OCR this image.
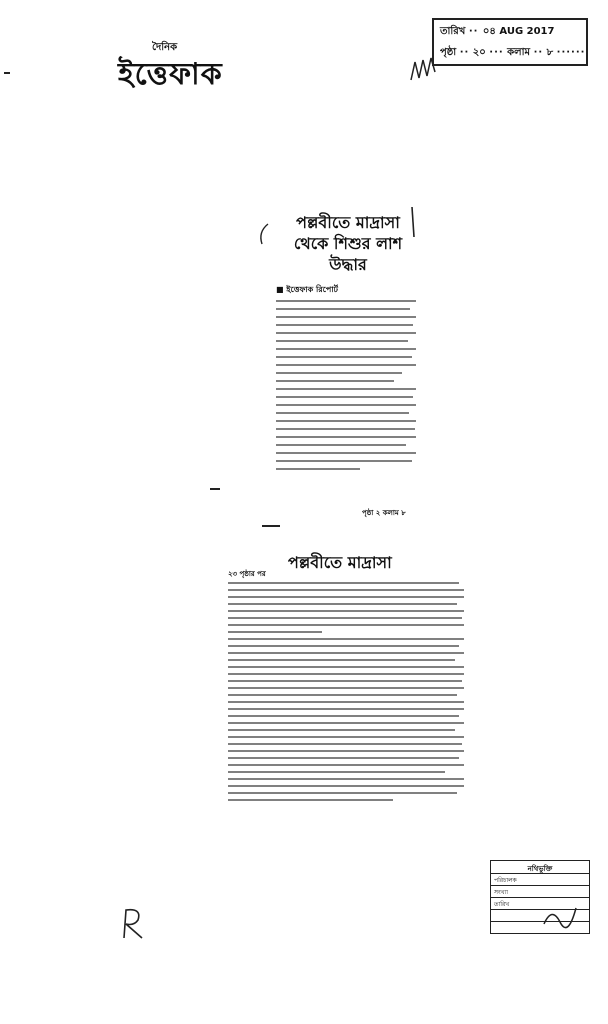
দৈনিক
ইত্তেফাক
তারিখ ·· ০৪ AUG 2017
পৃষ্ঠা ·· ২০ ··· কলাম ·· ৮ ······
পল্লবীতে মাদ্রাসা
থেকে শিশুর লাশ

উদ্ধার
■ ইত্তেফাক রিপোর্ট
পৃষ্ঠা ২ কলাম ৮
পল্লবীতে মাদ্রাসা
২৩ পৃষ্ঠার পর
নথিভুক্তি
পরিচালক
সংখ্যা
তারিখ
